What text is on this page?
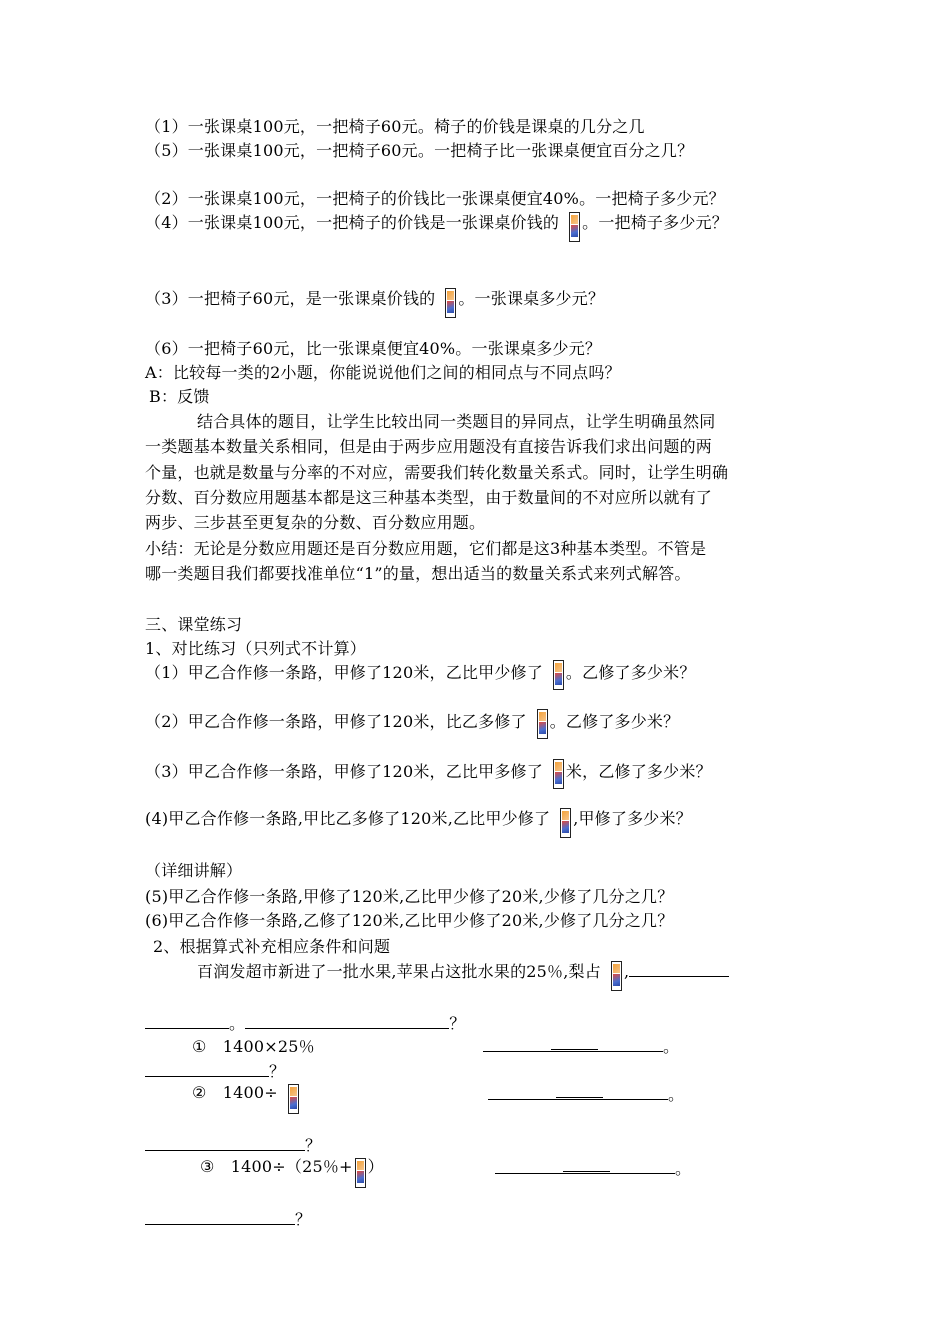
（1）一张课桌100元，一把椅子60元。椅子的价钱是课桌的几分之几
（5）一张课桌100元，一把椅子60元。一把椅子比一张课桌便宜百分之几？
（2）一张课桌100元，一把椅子的价钱比一张课桌便宜40%。一把椅子多少元？
（4）一张课桌100元，一把椅子的价钱是一张课桌价钱的 。一把椅子多少元？
（3）一把椅子60元，是一张课桌价钱的 。一张课桌多少元？
（6）一把椅子60元，比一张课桌便宜40%。一张课桌多少元？
A：比较每一类的2小题，你能说说他们之间的相同点与不同点吗？
B：反馈
结合具体的题目，让学生比较出同一类题目的异同点，让学生明确虽然同
一类题基本数量关系相同，但是由于两步应用题没有直接告诉我们求出问题的两
个量，也就是数量与分率的不对应，需要我们转化数量关系式。同时，让学生明确
分数、百分数应用题基本都是这三种基本类型，由于数量间的不对应所以就有了
两步、三步甚至更复杂的分数、百分数应用题。
小结：无论是分数应用题还是百分数应用题，它们都是这3种基本类型。不管是
哪一类题目我们都要找准单位“1”的量，想出适当的数量关系式来列式解答。
三、课堂练习
1、对比练习（只列式不计算）
（1）甲乙合作修一条路，甲修了120米，乙比甲少修了 。乙修了多少米？
（2）甲乙合作修一条路，甲修了120米，比乙多修了 。乙修了多少米？
（3）甲乙合作修一条路，甲修了120米，乙比甲多修了 米，乙修了多少米？
(4)甲乙合作修一条路,甲比乙多修了120米,乙比甲少修了 ,甲修了多少米？
（详细讲解）
(5)甲乙合作修一条路,甲修了120米,乙比甲少修了20米,少修了几分之几？
(6)甲乙合作修一条路,乙修了120米,乙比甲少修了20米,少修了几分之几？
2、根据算式补充相应条件和问题
百润发超市新进了一批水果,苹果占这批水果的25％,梨占 ,
。	？
①　1400×25％	。
？
②　1400÷	。
？
③　1400÷（25％+ ）	。
？
